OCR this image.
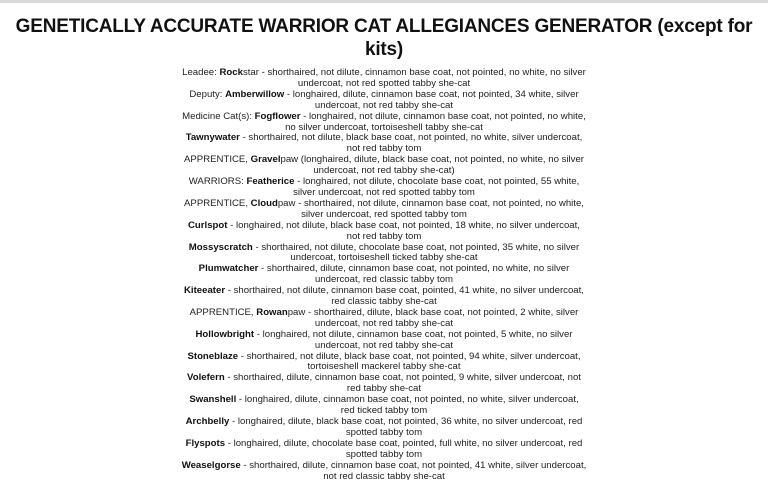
GENETICALLY ACCURATE WARRIOR CAT ALLEGIANCES GENERATOR (except for kits)
Leadee: Rockstar - shorthaired, not dilute, cinnamon base coat, not pointed, no white, no silver undercoat, not red spotted tabby she-cat
Deputy: Amberwillow - longhaired, dilute, cinnamon base coat, not pointed, 34 white, silver undercoat, not red tabby she-cat
Medicine Cat(s): Fogflower - longhaired, not dilute, cinnamon base coat, not pointed, no white, no silver undercoat, tortoiseshell tabby she-cat
Tawnywater - shorthaired, not dilute, black base coat, not pointed, no white, silver undercoat, not red tabby tom
APPRENTICE, Gravelpaw (longhaired, dilute, black base coat, not pointed, no white, no silver undercoat, not red tabby she-cat)
WARRIORS: Featherice - longhaired, not dilute, chocolate base coat, not pointed, 55 white, silver undercoat, not red spotted tabby tom
APPRENTICE, Cloudpaw - shorthaired, not dilute, cinnamon base coat, not pointed, no white, silver undercoat, red spotted tabby tom
Curlspot - longhaired, not dilute, black base coat, not pointed, 18 white, no silver undercoat, not red tabby tom
Mossyscratch - shorthaired, not dilute, chocolate base coat, not pointed, 35 white, no silver undercoat, tortoiseshell ticked tabby she-cat
Plumwatcher - shorthaired, dilute, cinnamon base coat, not pointed, no white, no silver undercoat, red classic tabby tom
Kiteeater - shorthaired, not dilute, cinnamon base coat, pointed, 41 white, no silver undercoat, red classic tabby she-cat
APPRENTICE, Rowanpaw - shorthaired, dilute, black base coat, not pointed, 2 white, silver undercoat, not red tabby she-cat
Hollowbright - longhaired, not dilute, cinnamon base coat, not pointed, 5 white, no silver undercoat, not red tabby she-cat
Stoneblaze - shorthaired, not dilute, black base coat, not pointed, 94 white, silver undercoat, tortoiseshell mackerel tabby she-cat
Volefern - shorthaired, dilute, cinnamon base coat, not pointed, 9 white, silver undercoat, not red tabby she-cat
Swanshell - longhaired, dilute, cinnamon base coat, not pointed, no white, silver undercoat, red ticked tabby tom
Archbelly - longhaired, dilute, black base coat, not pointed, 36 white, no silver undercoat, red spotted tabby tom
Flyspots - longhaired, dilute, chocolate base coat, pointed, full white, no silver undercoat, red spotted tabby tom
Weaselgorse - shorthaired, dilute, cinnamon base coat, not pointed, 41 white, silver undercoat, not red classic tabby she-cat
